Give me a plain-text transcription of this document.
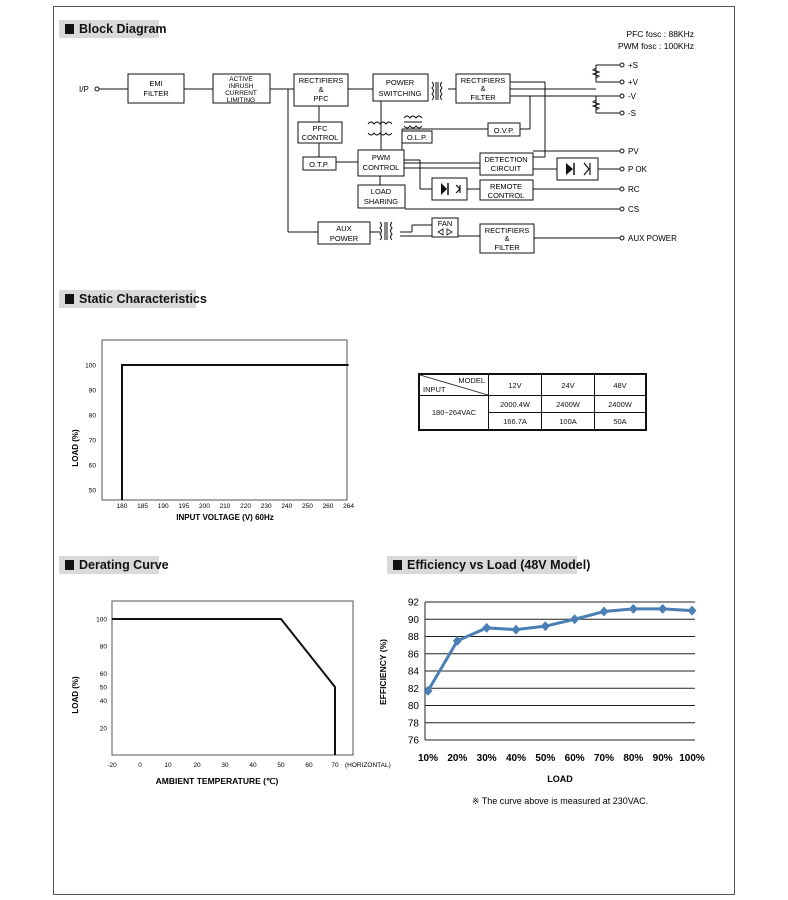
Block Diagram
Static Characteristics
Derating Curve	Efficiency vs Load (48V Model)
PFC fosc : 88KHz
PWM fosc : 100KHz
I/P
+S
+V
-V
-S
PV
P OK
RC
CS
AUX POWER
EMI
FILTER
ACTIVE
INRUSH
CURRENT
LIMITING
RECTIFIERS
&
PFC
POWER
SWITCHING
RECTIFIERS
&
FILTER
PFC
CONTROL
O.T.P.
O.L.P.
O.V.P.
PWM
CONTROL
DETECTION
CIRCUIT
LOAD
SHARING
REMOTE
CONTROL
AUX
POWER
FAN
RECTIFIERS
&
FILTER
LOAD (%)
INPUT VOLTAGE (V) 60Hz
180 185 190 195 200 210 220 230 240 250 260 264
100
90
80
70
60
50
MODEL
INPUT	12V	24V	48V
180~264VAC	2000.4W	2400W	2400W
	166.7A	100A	50A
LOAD (%)
AMBIENT TEMPERATURE (℃)
(HORIZONTAL)
-20	0	10	20	30	40	50	60	70
100
80
60
50
40
20
EFFICIENCY (%)
LOAD
※ The curve above is measured at 230VAC.
92
90
88
86
84
82
80
78
76
10% 20% 30% 40% 50% 60% 70% 80% 90% 100%
